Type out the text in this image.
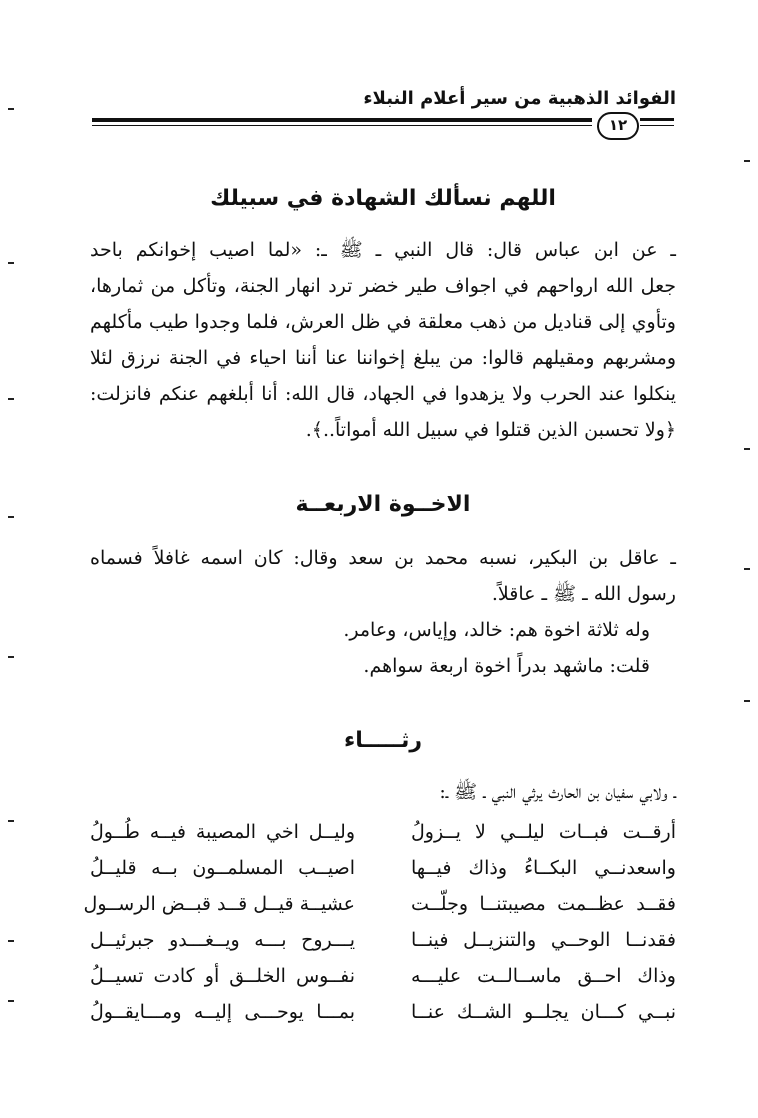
الفوائد الذهبية من سير أعلام النبلاء
١٢
اللهم نسألك الشهادة في سبيلك
ـ عن ابن عباس قال: قال النبي ـ ﷺ ـ: «لما اصيب إخوانكم باحد
جعل الله ارواحهم في اجواف طير خضر ترد انهار الجنة، وتأكل من ثمارها،
وتأوي إلى قناديل من ذهب معلقة في ظل العرش، فلما وجدوا طيب مأكلهم
ومشربهم ومقيلهم قالوا: من يبلغ إخواننا عنا أننا احياء في الجنة نرزق لئلا
ينكلوا عند الحرب ولا يزهدوا في الجهاد، قال الله: أنا أبلغهم عنكم فانزلت:
﴿ولا تحسبن الذين قتلوا في سبيل الله أمواتاً..﴾.
الاخــوة الاربعــة
ـ عاقل بن البكير، نسبه محمد بن سعد وقال: كان اسمه غافلاً فسماه
رسول الله ـ ﷺ ـ عاقلاً.
وله ثلاثة اخوة هم: خالد، وإياس، وعامر.
قلت: ماشهد بدراً اخوة اربعة سواهم.
رثـــــاء
ـ ولابي سفيان بن الحارث يرثي النبي ـ ﷺ ـ:
أرقــت فبــات ليلــي لا يــزولُ
وليــل اخي المصيبة فيــه طُــولُ
واسعدنــي البكــاءُ وذاك فيــها
اصيــب المسلمــون بــه قليــلُ
فقــد عظــمت مصيبتنــا وجلّــت
عشيــة قيــل قــد قبــض الرســول
فقدنــا الوحــي والتنزيــل فينــا
يـــروح بـــه ويــغـــدو جبرئيــل
وذاك احــق ماســالــت عليـــه
نفــوس الخلــق أو كادت تسيــلُ
نبــي كـــان يجلــو الشــك عنــا
بمـــا يوحـــى إليــه ومـــايقــولُ
